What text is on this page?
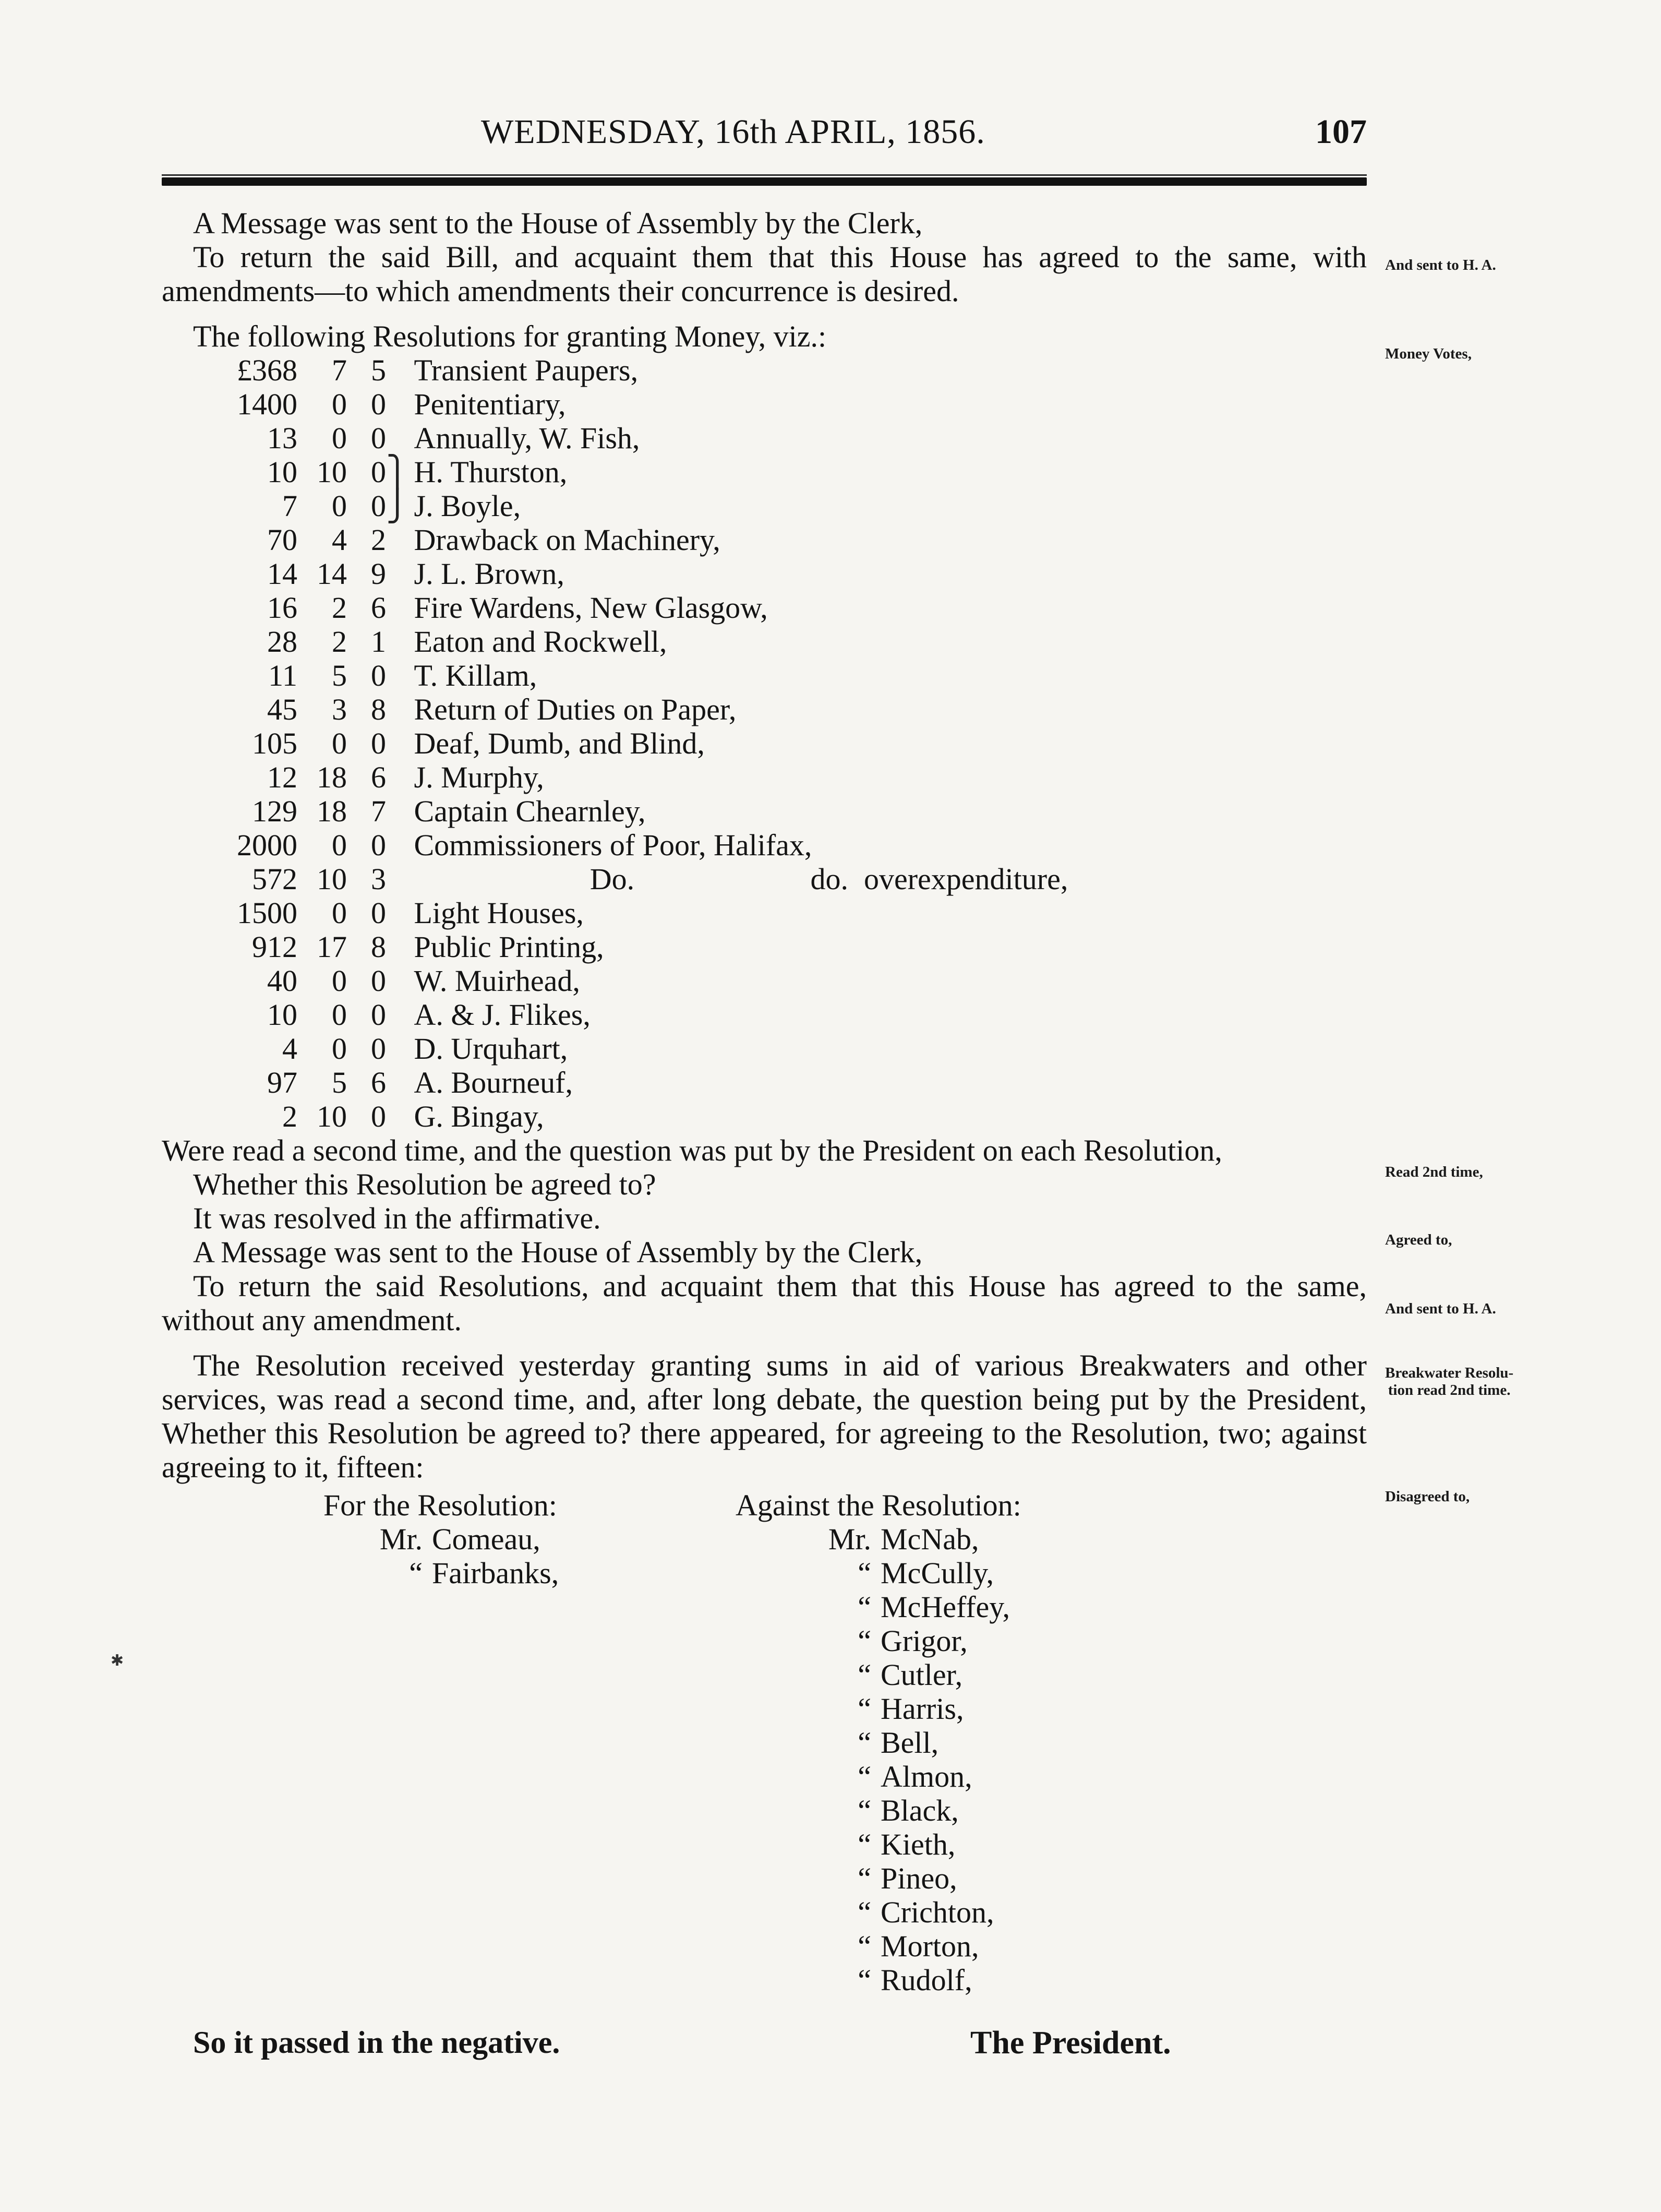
WEDNESDAY, 16th APRIL, 1856.	107

A Message was sent to the House of Assembly by the Clerk,

To return the said Bill, and acquaint them that this House has agreed to the same, with amendments—to which amendments their concurrence is desired.

The following Resolutions for granting Money, viz.:

£368	7	5		Transient Paupers,
1400	0	0		Penitentiary,
13	0	0		Annually, W. Fish,
10	10	0	⎫	H. Thurston,
7	0	0	⎭	J. Boyle,
70	4	2		Drawback on Machinery,
14	14	9		J. L. Brown,
16	2	6		Fire Wardens, New Glasgow,
28	2	1		Eaton and Rockwell,
11	5	0		T. Killam,
45	3	8		Return of Duties on Paper,
105	0	0		Deaf, Dumb, and Blind,
12	18	6		J. Murphy,
129	18	7		Captain Chearnley,
2000	0	0		Commissioners of Poor, Halifax,
572	10	3		Do. do. overexpenditure,
1500	0	0		Light Houses,
912	17	8		Public Printing,
40	0	0		W. Muirhead,
10	0	0		A. & J. Flikes,
4	0	0		D. Urquhart,
97	5	6		A. Bourneuf,
2	10	0		G. Bingay,

Were read a second time, and the question was put by the President on each Resolution,

Whether this Resolution be agreed to?

It was resolved in the affirmative.

A Message was sent to the House of Assembly by the Clerk,

To return the said Resolutions, and acquaint them that this House has agreed to the same, without any amendment.

The Resolution received yesterday granting sums in aid of various Breakwaters and other services, was read a second time, and, after long debate, the question being put by the President, Whether this Resolution be agreed to? there appeared, for agreeing to the Resolution, two; against agreeing to it, fifteen:

For the Resolution:
Mr. Comeau,
“ Fairbanks,
Against the Resolution:
Mr. McNab,
“ McCully,
“ McHeffey,
“ Grigor,
“ Cutler,
“ Harris,
“ Bell,
“ Almon,
“ Black,
“ Kieth,
“ Pineo,
“ Crichton,
“ Morton,
“ Rudolf,
So it passed in the negative.	The President.
And sent to H. A.
Money Votes,
Read 2nd time,
Agreed to,
And sent to H. A.
Breakwater Resolu-
tion read 2nd time.
Disagreed to,
✱
